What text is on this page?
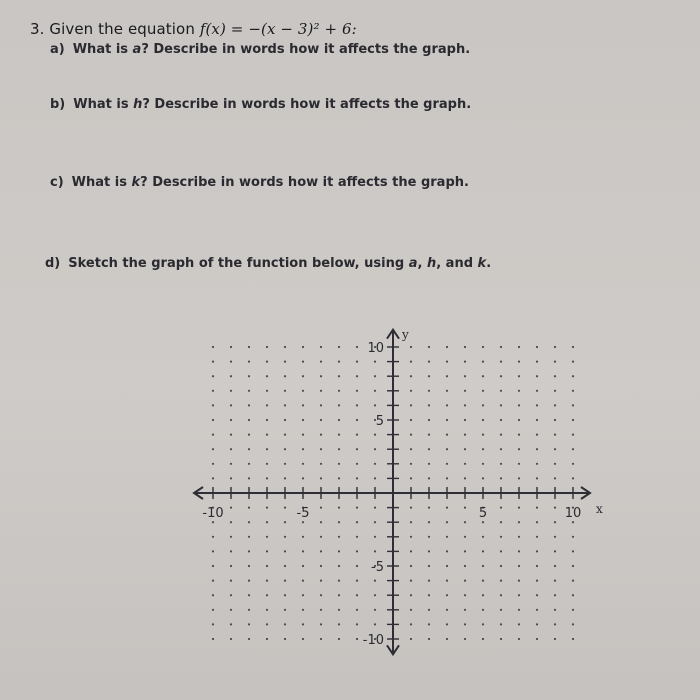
3. Given the equation f(x) = −(x − 3)² + 6:
a) What is a? Describe in words how it affects the graph.
b) What is h? Describe in words how it affects the graph.
c) What is k? Describe in words how it affects the graph.
d) Sketch the graph of the function below, using a, h, and k.
-10	-5	5	10
10
5
-5
-10
x
y
